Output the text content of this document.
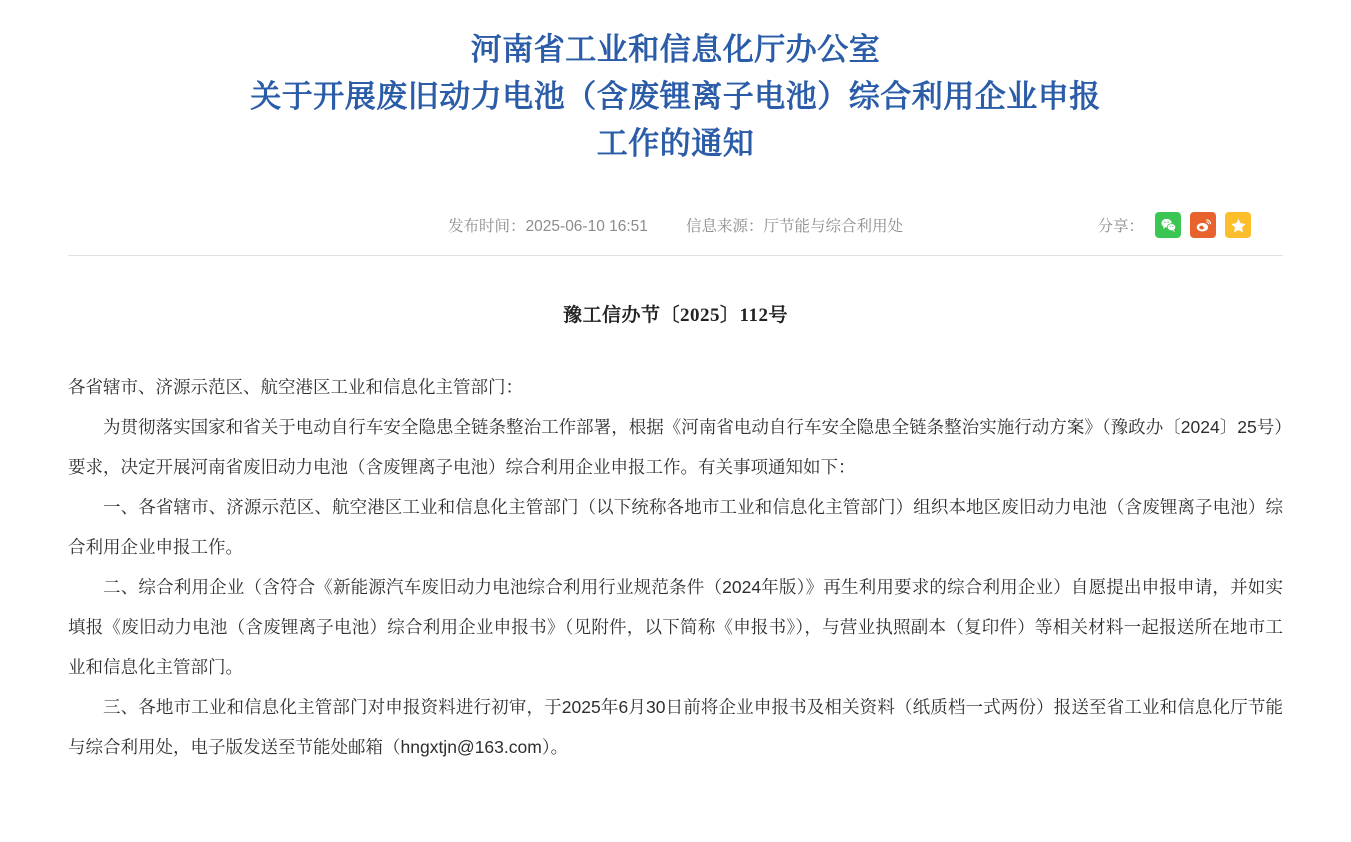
河南省工业和信息化厅办公室
关于开展废旧动力电池（含废锂离子电池）综合利用企业申报
工作的通知
发布时间：2025-06-10 16:51 信息来源：厅节能与综合利用处	分享：
豫工信办节〔2025〕112号

各省辖市、济源示范区、航空港区工业和信息化主管部门：

为贯彻落实国家和省关于电动自行车安全隐患全链条整治工作部署，根据《河南省电动自行车安全隐患全链条整治实施行动方案》（豫政办〔2024〕25号）要求，决定开展河南省废旧动力电池（含废锂离子电池）综合利用企业申报工作。有关事项通知如下：

一、各省辖市、济源示范区、航空港区工业和信息化主管部门（以下统称各地市工业和信息化主管部门）组织本地区废旧动力电池（含废锂离子电池）综合利用企业申报工作。

二、综合利用企业（含符合《新能源汽车废旧动力电池综合利用行业规范条件（2024年版）》再生利用要求的综合利用企业）自愿提出申报申请，并如实填报《废旧动力电池（含废锂离子电池）综合利用企业申报书》（见附件，以下简称《申报书》），与营业执照副本（复印件）等相关材料一起报送所在地市工业和信息化主管部门。

三、各地市工业和信息化主管部门对申报资料进行初审，于2025年6月30日前将企业申报书及相关资料（纸质档一式两份）报送至省工业和信息化厅节能与综合利用处，电子版发送至节能处邮箱（hngxtjn@163.com）。
